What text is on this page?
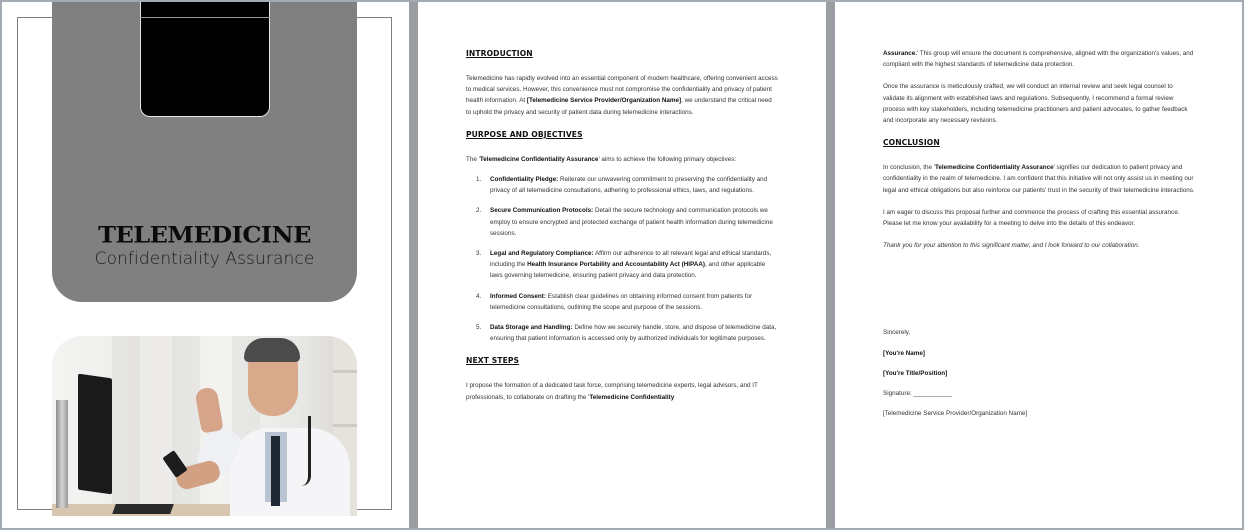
TELEMEDICINE
Confidentiality Assurance

INTRODUCTION

Telemedicine has rapidly evolved into an essential component of modern healthcare, offering convenient access to medical services. However, this convenience must not compromise the confidentiality and privacy of patient health information. At [Telemedicine Service Provider/Organization Name], we understand the critical need to uphold the privacy and security of patient data during telemedicine interactions.

PURPOSE AND OBJECTIVES

The 'Telemedicine Confidentiality Assurance' aims to achieve the following primary objectives:

1. Confidentiality Pledge: Reiterate our unwavering commitment to preserving the confidentiality and privacy of all telemedicine consultations, adhering to professional ethics, laws, and regulations.
2. Secure Communication Protocols: Detail the secure technology and communication protocols we employ to ensure encrypted and protected exchange of patient health information during telemedicine sessions.
3. Legal and Regulatory Compliance: Affirm our adherence to all relevant legal and ethical standards, including the Health Insurance Portability and Accountability Act (HIPAA), and other applicable laws governing telemedicine, ensuring patient privacy and data protection.
4. Informed Consent: Establish clear guidelines on obtaining informed consent from patients for telemedicine consultations, outlining the scope and purpose of the sessions.
5. Data Storage and Handling: Define how we securely handle, store, and dispose of telemedicine data, ensuring that patient information is accessed only by authorized individuals for legitimate purposes.

NEXT STEPS

I propose the formation of a dedicated task force, comprising telemedicine experts, legal advisors, and IT professionals, to collaborate on drafting the 'Telemedicine Confidentiality

Assurance.' This group will ensure the document is comprehensive, aligned with the organization's values, and compliant with the highest standards of telemedicine data protection.

Once the assurance is meticulously crafted, we will conduct an internal review and seek legal counsel to validate its alignment with established laws and regulations. Subsequently, I recommend a formal review process with key stakeholders, including telemedicine practitioners and patient advocates, to gather feedback and incorporate any necessary revisions.

CONCLUSION

In conclusion, the 'Telemedicine Confidentiality Assurance' signifies our dedication to patient privacy and confidentiality in the realm of telemedicine. I am confident that this initiative will not only assist us in meeting our legal and ethical obligations but also reinforce our patients' trust in the security of their telemedicine interactions.

I am eager to discuss this proposal further and commence the process of crafting this essential assurance. Please let me know your availability for a meeting to delve into the details of this endeavor.

Thank you for your attention to this significant matter, and I look forward to our collaboration.

Sincerely,

[You're Name]

[You're Title/Position]

Signature: ___________

[Telemedicine Service Provider/Organization Name]
